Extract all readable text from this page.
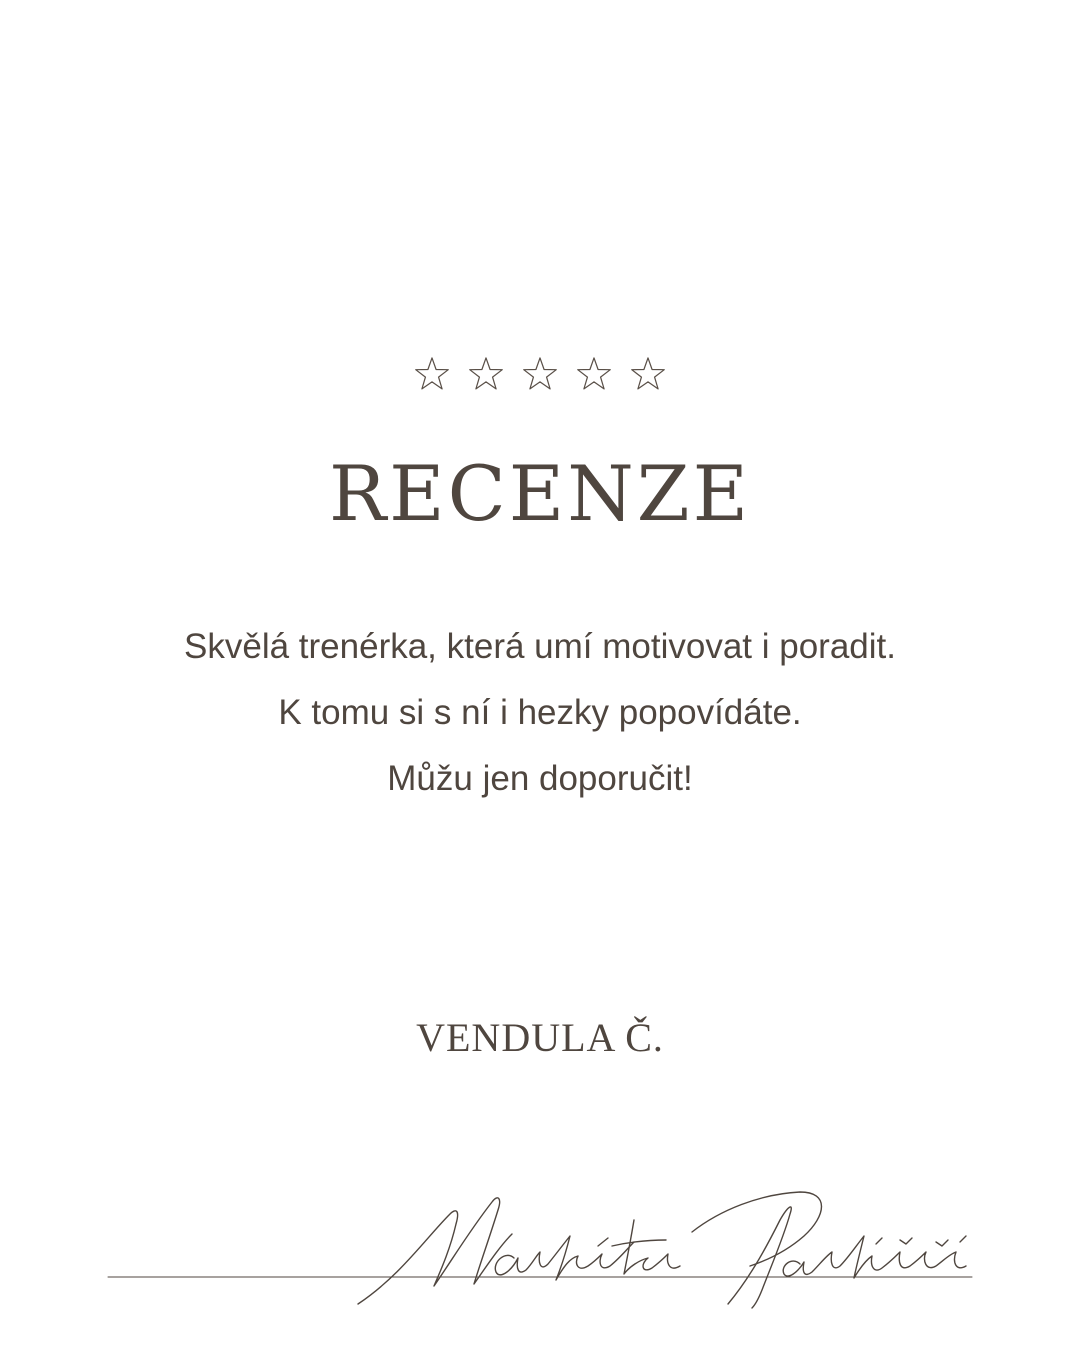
RECENZE
Skvělá trenérka, která umí motivovat i poradit.
K tomu si s ní i hezky popovídáte.
Můžu jen doporučit!
VENDULA Č.
